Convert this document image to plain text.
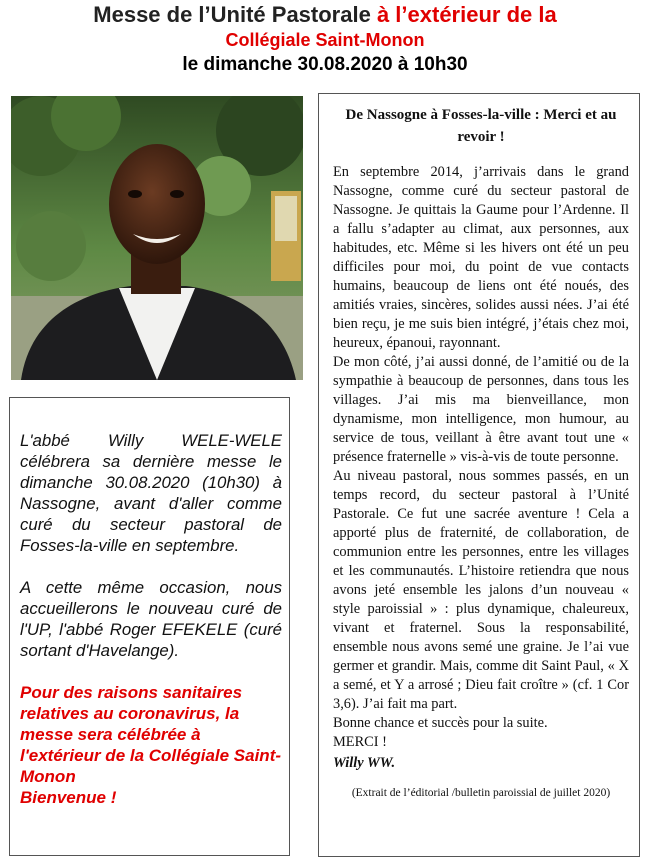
Messe de l’Unité Pastorale à l’extérieur de la
Collégiale Saint-Monon
le dimanche 30.08.2020 à 10h30

L'abbé Willy WELE-WELE célébrera sa dernière messe le dimanche 30.08.2020 (10h30) à Nassogne, avant d'aller comme curé du secteur pastoral de Fosses-la-ville en septembre.

A cette même occasion, nous accueillerons le nouveau curé de l'UP, l'abbé Roger EFEKELE (curé sortant d'Havelange).

Pour des raisons sanitaires relatives au coronavirus, la messe sera célébrée à l'extérieur de la Collégiale Saint-Monon
Bienvenue !
De Nassogne à Fosses-la-ville : Merci et au revoir !

En septembre 2014, j’arrivais dans le grand Nassogne, comme curé du secteur pastoral de Nassogne. Je quittais la Gaume pour l’Ardenne. Il a fallu s’adapter au climat, aux personnes, aux habitudes, etc. Même si les hivers ont été un peu difficiles pour moi, du point de vue contacts humains, beaucoup de liens ont été noués, des amitiés vraies, sincères, solides aussi nées. J’ai été bien reçu, je me suis bien intégré, j’étais chez moi, heureux, épanoui, rayonnant.

De mon côté, j’ai aussi donné, de l’amitié ou de la sympathie à beaucoup de personnes, dans tous les villages. J’ai mis ma bienveillance, mon dynamisme, mon intelligence, mon humour, au service de tous, veillant à être avant tout une « présence fraternelle » vis-à-vis de toute personne.

Au niveau pastoral, nous sommes passés, en un temps record, du secteur pastoral à l’Unité Pastorale. Ce fut une sacrée aventure ! Cela a apporté plus de fraternité, de collaboration, de communion entre les personnes, entre les villages et les communautés. L’histoire retiendra que nous avons jeté ensemble les jalons d’un nouveau « style paroissial » : plus dynamique, chaleureux, vivant et fraternel. Sous la responsabilité, ensemble nous avons semé une graine. Je l’ai vue germer et grandir. Mais, comme dit Saint Paul, « X a semé, et Y a arrosé ; Dieu fait croître » (cf. 1 Cor 3,6). J’ai fait ma part.

Bonne chance et succès pour la suite.

MERCI !

Willy WW.

(Extrait de l’éditorial /bulletin paroissial de juillet 2020)
